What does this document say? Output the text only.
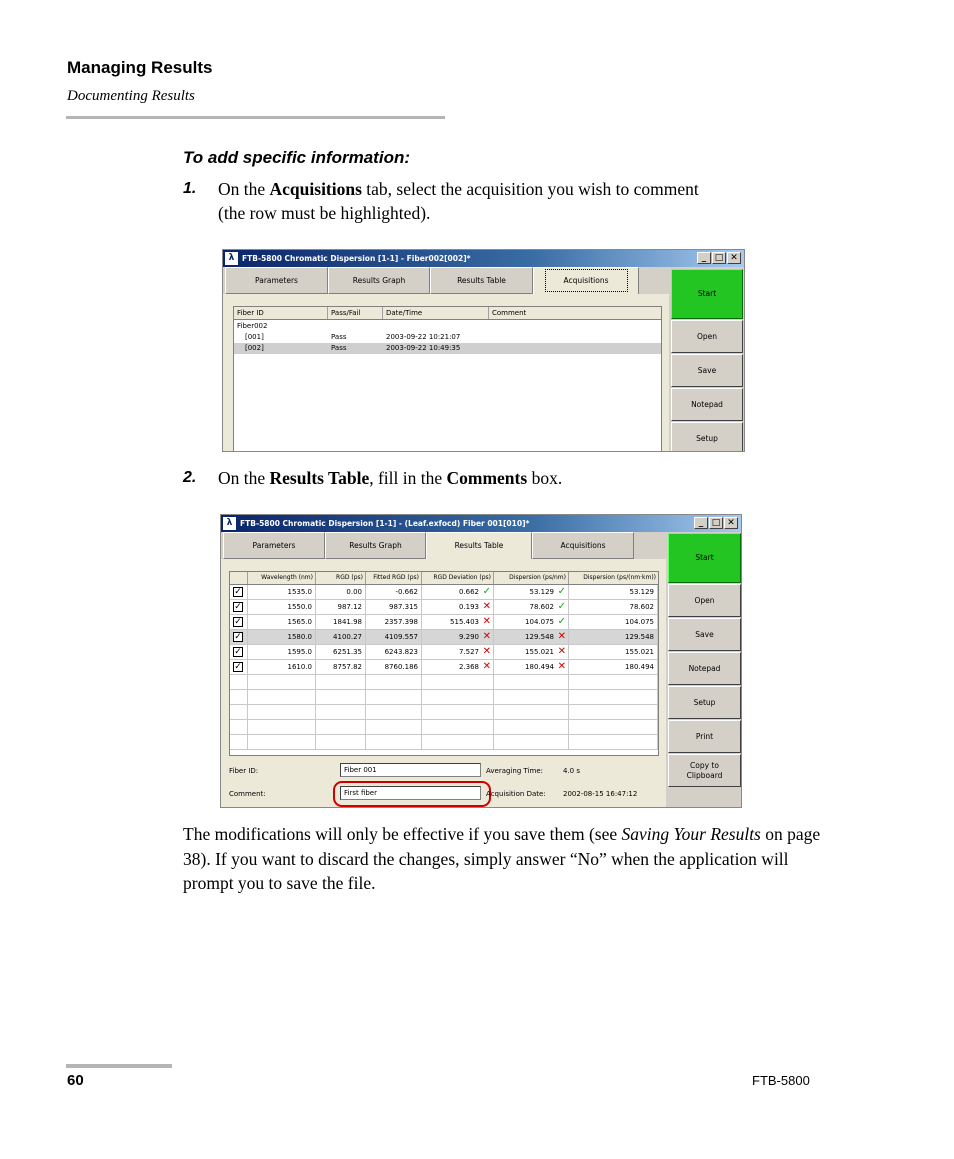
Managing Results
Documenting Results
To add specific information:
1. On the Acquisitions tab, select the acquisition you wish to comment
(the row must be highlighted).
λ	FTB-5800 Chromatic Dispersion [1-1] - Fiber002[002]*	_ □ ✕
Parameters	Results Graph	Results Table	Acquisitions
Fiber ID	Pass/Fail	Date/Time	Comment
Fiber002
[001]	Pass	2003-09-22 10:21:07
[002]	Pass	2003-09-22 10:49:35
Start
Open
Save
Notepad
Setup
2. On the Results Table, fill in the Comments box.
λ	FTB-5800 Chromatic Dispersion [1-1] - (Leaf.exfocd) Fiber 001[010]*	_ □ ✕
Parameters	Results Graph	Results Table	Acquisitions
Wavelength (nm)	RGD (ps)	Fitted RGD (ps)	RGD Deviation (ps)	Dispersion (ps/nm)	Dispersion (ps/(nm·km))
✓	1535.0	0.00	-0.662	0.662 ✓	53.129 ✓	53.129
✓	1550.0	987.12	987.315	0.193 ✕	78.602 ✓	78.602
✓	1565.0	1841.98	2357.398	515.403 ✕	104.075 ✓	104.075
✓	1580.0	4100.27	4109.557	9.290 ✕	129.548 ✕	129.548
✓	1595.0	6251.35	6243.823	7.527 ✕	155.021 ✕	155.021
✓	1610.0	8757.82	8760.186	2.368 ✕	180.494 ✕	180.494
Fiber ID:	Fiber 001
Comment:	First fiber
Averaging Time:	4.0 s
Acquisition Date: 2002-08-15 16:47:12
Start
Open
Save
Notepad
Setup
Print
Copy to Clipboard
The modifications will only be effective if you save them (see Saving Your Results on page 38). If you want to discard the changes, simply answer “No” when the application will prompt you to save the file.
60	FTB-5800
